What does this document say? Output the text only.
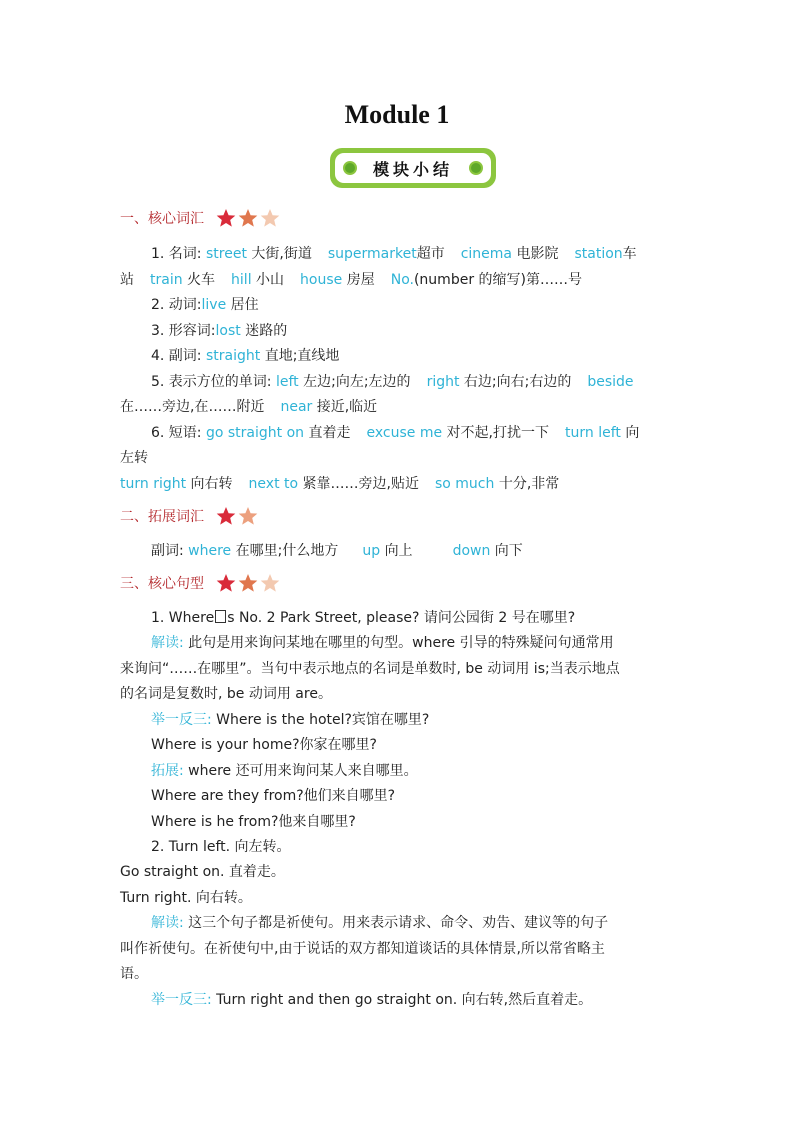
Module 1
模块小结
一、核心词汇
1. 名词: street 大街,街道 supermarket超市 cinema 电影院 station车
站 train 火车 hill 小山 house 房屋 No.(number 的缩写)第……号
2. 动词:live 居住
3. 形容词:lost 迷路的
4. 副词: straight 直地;直线地
5. 表示方位的单词: left 左边;向左;左边的 right 右边;向右;右边的 beside
在……旁边,在……附近 near 接近,临近
6. 短语: go straight on 直着走 excuse me 对不起,打扰一下 turn left 向
左转
turn right 向右转 next to 紧靠……旁边,贴近 so much 十分,非常
二、拓展词汇
副词: where 在哪里;什么地方 up 向上	down 向下
三、核心句型
1. Where s No. 2 Park Street, please? 请问公园街 2 号在哪里?
解读: 此句是用来询问某地在哪里的句型。where 引导的特殊疑问句通常用
来询问“……在哪里”。当句中表示地点的名词是单数时, be 动词用 is;当表示地点
的名词是复数时, be 动词用 are。
举一反三: Where is the hotel?宾馆在哪里?
Where is your home?你家在哪里?
拓展: where 还可用来询问某人来自哪里。
Where are they from?他们来自哪里?
Where is he from?他来自哪里?
2. Turn left. 向左转。
Go straight on. 直着走。
Turn right. 向右转。
解读: 这三个句子都是祈使句。用来表示请求、命令、劝告、建议等的句子
叫作祈使句。在祈使句中,由于说话的双方都知道谈话的具体情景,所以常省略主
语。
举一反三: Turn right and then go straight on. 向右转,然后直着走。
